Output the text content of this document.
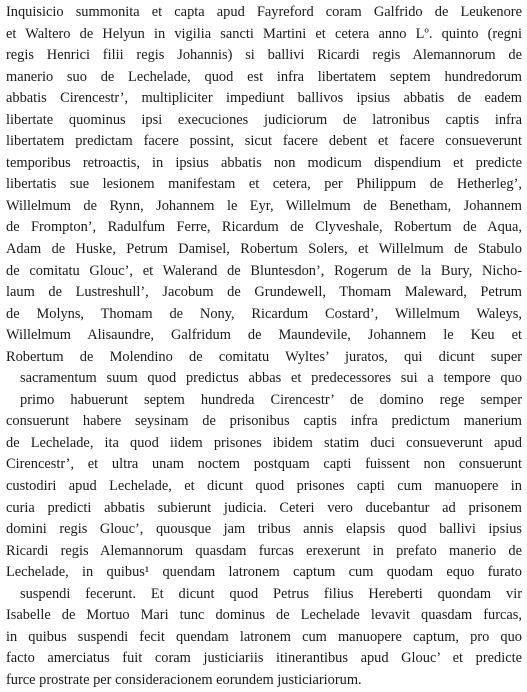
Inquisicio summonita et capta apud Fayreford coram Galfrido de Leukenore
et Waltero de Helyun in vigilia sancti Martini et cetera anno Lº. quinto (regni
regis Henrici filii regis Johannis) si ballivi Ricardi regis Alemannorum de
manerio suo de Lechelade, quod est infra libertatem septem hundredorum
abbatis Cirencestr’, multipliciter impediunt ballivos ipsius abbatis de eadem
libertate quominus ipsi execuciones judiciorum de latronibus captis infra
libertatem predictam facere possint, sicut facere debent et facere consueverunt
temporibus retroactis, in ipsius abbatis non modicum dispendium et predicte
libertatis sue lesionem manifestam et cetera, per Philippum de Hetherleg’,
Willelmum de Rynn, Johannem le Eyr, Willelmum de Benetham, Johannem
de Frompton’, Radulfum Ferre, Ricardum de Clyveshale, Robertum de Aqua,
Adam de Huske, Petrum Damisel, Robertum Solers, et Willelmum de Stabulo
de comitatu Glouc’, et Walerand de Bluntesdon’, Rogerum de la Bury, Nicho-
laum de Lustreshull’, Jacobum de Grundewell, Thomam Maleward, Petrum
de Molyns, Thomam de Nony, Ricardum Costard’, Willelmum Waleys,
Willelmum Alisaundre, Galfridum de Maundevile, Johannem le Keu et
Robertum de Molendino de comitatu Wyltes’ juratos, qui dicunt super
sacramentum suum quod predictus abbas et predecessores sui a tempore quo
primo habuerunt septem hundreda Cirencestr’ de domino rege semper
consuerunt habere seysinam de prisonibus captis infra predictum manerium
de Lechelade, ita quod iidem prisones ibidem statim duci consueverunt apud
Cirencestr’, et ultra unam noctem postquam capti fuissent non consuerunt
custodiri apud Lechelade, et dicunt quod prisones capti cum manuopere in
curia predicti abbatis subierunt judicia. Ceteri vero ducebantur ad prisonem
domini regis Glouc’, quousque jam tribus annis elapsis quod ballivi ipsius
Ricardi regis Alemannorum quasdam furcas erexerunt in prefato manerio de
Lechelade, in quibus¹ quendam latronem captum cum quodam equo furato
suspendi fecerunt. Et dicunt quod Petrus filius Hereberti quondam vir
Isabelle de Mortuo Mari tunc dominus de Lechelade levavit quasdam furcas,
in quibus suspendi fecit quendam latronem cum manuopere captum, pro quo
facto amerciatus fuit coram justiciariis itinerantibus apud Glouc’ et predicte
furce prostrate per consideracionem eorundem justiciariorum.
